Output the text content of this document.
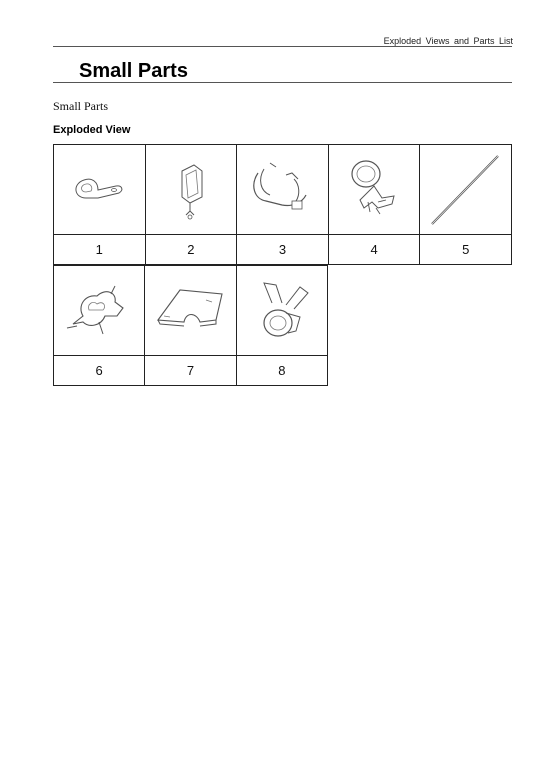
Exploded Views and Parts List
Small Parts
Small Parts
Exploded View

1	2	3	4	5

6	7	8
